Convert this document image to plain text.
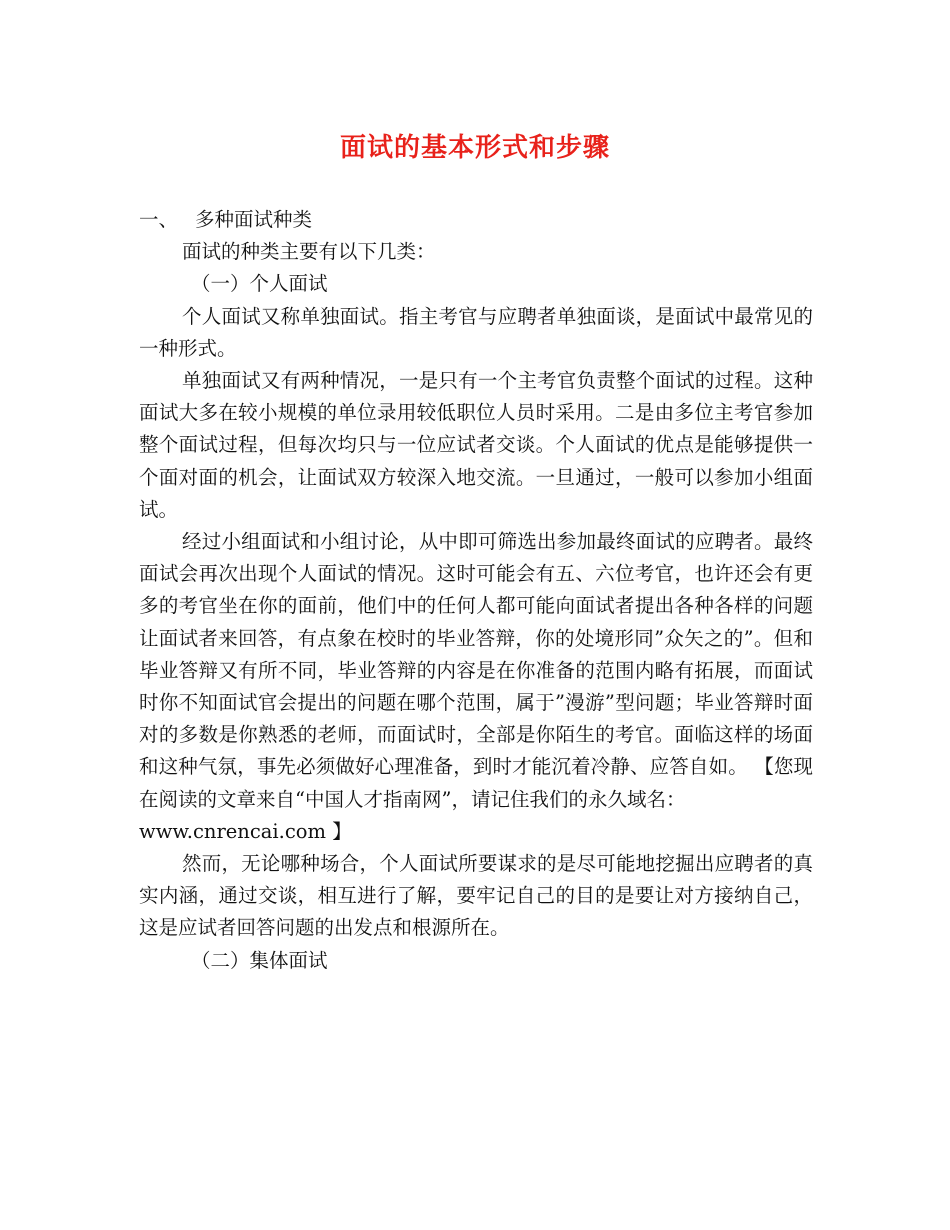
面试的基本形式和步骤

一、 多种面试种类

面试的种类主要有以下几类：

（一）个人面试

个人面试又称单独面试。指主考官与应聘者单独面谈，是面试中最常见的一种形式。

单独面试又有两种情况，一是只有一个主考官负责整个面试的过程。这种面试大多在较小规模的单位录用较低职位人员时采用。二是由多位主考官参加整个面试过程，但每次均只与一位应试者交谈。个人面试的优点是能够提供一个面对面的机会，让面试双方较深入地交流。一旦通过，一般可以参加小组面试。

经过小组面试和小组讨论，从中即可筛选出参加最终面试的应聘者。最终面试会再次出现个人面试的情况。这时可能会有五、六位考官，也许还会有更多的考官坐在你的面前，他们中的任何人都可能向面试者提出各种各样的问题让面试者来回答，有点象在校时的毕业答辩，你的处境形同”众矢之的”。但和毕业答辩又有所不同，毕业答辩的内容是在你准备的范围内略有拓展，而面试时你不知面试官会提出的问题在哪个范围，属于”漫游”型问题；毕业答辩时面对的多数是你熟悉的老师，而面试时，全部是你陌生的考官。面临这样的场面和这种气氛，事先必须做好心理准备，到时才能沉着冷静、应答自如。 【您现在阅读的文章来自“中国人才指南网”，请记住我们的永久域名：

www.cnrencai.com 】

然而，无论哪种场合，个人面试所要谋求的是尽可能地挖掘出应聘者的真实内涵，通过交谈，相互进行了解，要牢记自己的目的是要让对方接纳自己，这是应试者回答问题的出发点和根源所在。

（二）集体面试
